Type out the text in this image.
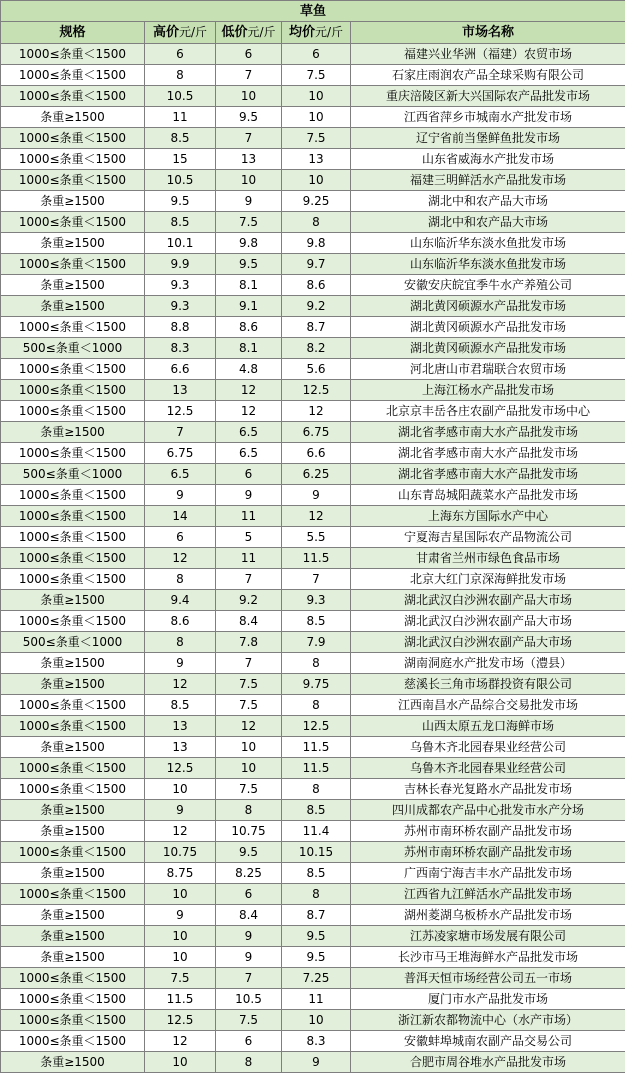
草鱼				
规格	高价元/斤	低价元/斤	均价元/斤	市场名称
1000≤条重＜1500	6	6	6	福建兴业华洲（福建）农贸市场
1000≤条重＜1500	8	7	7.5	石家庄雨润农产品全球采购有限公司
1000≤条重＜1500	10.5	10	10	重庆涪陵区新大兴国际农产品批发市场
条重≥1500	11	9.5	10	江西省萍乡市城南水产批发市场
1000≤条重＜1500	8.5	7	7.5	辽宁省前当堡鲜鱼批发市场
1000≤条重＜1500	15	13	13	山东省威海水产批发市场
1000≤条重＜1500	10.5	10	10	福建三明鲜活水产品批发市场
条重≥1500	9.5	9	9.25	湖北中和农产品大市场
1000≤条重＜1500	8.5	7.5	8	湖北中和农产品大市场
条重≥1500	10.1	9.8	9.8	山东临沂华东淡水鱼批发市场
1000≤条重＜1500	9.9	9.5	9.7	山东临沂华东淡水鱼批发市场
条重≥1500	9.3	8.1	8.6	安徽安庆皖宜季牛水产养殖公司
条重≥1500	9.3	9.1	9.2	湖北黄冈硕源水产品批发市场
1000≤条重＜1500	8.8	8.6	8.7	湖北黄冈硕源水产品批发市场
500≤条重＜1000	8.3	8.1	8.2	湖北黄冈硕源水产品批发市场
1000≤条重＜1500	6.6	4.8	5.6	河北唐山市君瑞联合农贸市场
1000≤条重＜1500	13	12	12.5	上海江杨水产品批发市场
1000≤条重＜1500	12.5	12	12	北京京丰岳各庄农副产品批发市场中心
条重≥1500	7	6.5	6.75	湖北省孝感市南大水产品批发市场
1000≤条重＜1500	6.75	6.5	6.6	湖北省孝感市南大水产品批发市场
500≤条重＜1000	6.5	6	6.25	湖北省孝感市南大水产品批发市场
1000≤条重＜1500	9	9	9	山东青岛城阳蔬菜水产品批发市场
1000≤条重＜1500	14	11	12	上海东方国际水产中心
1000≤条重＜1500	6	5	5.5	宁夏海吉星国际农产品物流公司
1000≤条重＜1500	12	11	11.5	甘肃省兰州市绿色食品市场
1000≤条重＜1500	8	7	7	北京大红门京深海鲜批发市场
条重≥1500	9.4	9.2	9.3	湖北武汉白沙洲农副产品大市场
1000≤条重＜1500	8.6	8.4	8.5	湖北武汉白沙洲农副产品大市场
500≤条重＜1000	8	7.8	7.9	湖北武汉白沙洲农副产品大市场
条重≥1500	9	7	8	湖南洞庭水产批发市场（澧县）
条重≥1500	12	7.5	9.75	慈溪长三角市场群投资有限公司
1000≤条重＜1500	8.5	7.5	8	江西南昌水产品综合交易批发市场
1000≤条重＜1500	13	12	12.5	山西太原五龙口海鲜市场
条重≥1500	13	10	11.5	乌鲁木齐北园春果业经营公司
1000≤条重＜1500	12.5	10	11.5	乌鲁木齐北园春果业经营公司
1000≤条重＜1500	10	7.5	8	吉林长春光复路水产品批发市场
条重≥1500	9	8	8.5	四川成都农产品中心批发市水产分场
条重≥1500	12	10.75	11.4	苏州市南环桥农副产品批发市场
1000≤条重＜1500	10.75	9.5	10.15	苏州市南环桥农副产品批发市场
条重≥1500	8.75	8.25	8.5	广西南宁海吉丰水产品批发市场
1000≤条重＜1500	10	6	8	江西省九江鲜活水产品批发市场
条重≥1500	9	8.4	8.7	湖州菱湖乌板桥水产品批发市场
条重≥1500	10	9	9.5	江苏凌家塘市场发展有限公司
条重≥1500	10	9	9.5	长沙市马王堆海鲜水产品批发市场
1000≤条重＜1500	7.5	7	7.25	普洱天恒市场经营公司五一市场
1000≤条重＜1500	11.5	10.5	11	厦门市水产品批发市场
1000≤条重＜1500	12.5	7.5	10	浙江新农都物流中心（水产市场）
1000≤条重＜1500	12	6	8.3	安徽蚌埠城南农副产品交易公司
条重≥1500	10	8	9	合肥市周谷堆水产品批发市场
